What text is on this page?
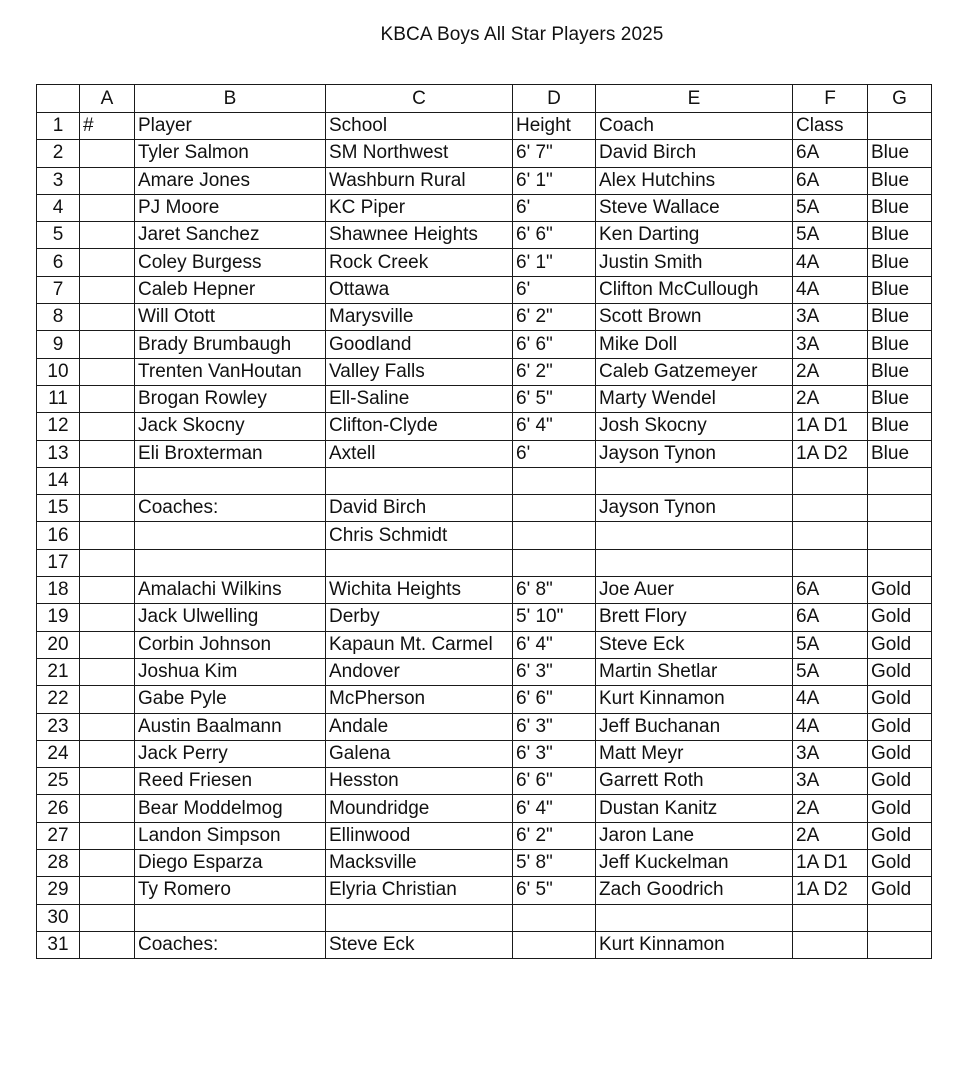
KBCA Boys All Star Players 2025
	A	B	C	D	E	F	G
1	#	Player	School	Height	Coach	Class	
2		Tyler Salmon	SM Northwest	6' 7"	David Birch	6A	Blue
3		Amare Jones	Washburn Rural	6' 1"	Alex Hutchins	6A	Blue
4		PJ Moore	KC Piper	6'	Steve Wallace	5A	Blue
5		Jaret Sanchez	Shawnee Heights	6' 6"	Ken Darting	5A	Blue
6		Coley Burgess	Rock Creek	6' 1"	Justin Smith	4A	Blue
7		Caleb Hepner	Ottawa	6'	Clifton McCullough	4A	Blue
8		Will Otott	Marysville	6' 2"	Scott Brown	3A	Blue
9		Brady Brumbaugh	Goodland	6' 6"	Mike Doll	3A	Blue
10		Trenten VanHoutan	Valley Falls	6' 2"	Caleb Gatzemeyer	2A	Blue
11		Brogan Rowley	Ell-Saline	6' 5"	Marty Wendel	2A	Blue
12		Jack Skocny	Clifton-Clyde	6' 4"	Josh Skocny	1A D1	Blue
13		Eli Broxterman	Axtell	6'	Jayson Tynon	1A D2	Blue
14							
15		Coaches:	David Birch		Jayson Tynon		
16			Chris Schmidt				
17							
18		Amalachi Wilkins	Wichita Heights	6' 8"	Joe Auer	6A	Gold
19		Jack Ulwelling	Derby	5' 10"	Brett Flory	6A	Gold
20		Corbin Johnson	Kapaun Mt. Carmel	6' 4"	Steve Eck	5A	Gold
21		Joshua Kim	Andover	6' 3"	Martin Shetlar	5A	Gold
22		Gabe Pyle	McPherson	6' 6"	Kurt Kinnamon	4A	Gold
23		Austin Baalmann	Andale	6' 3"	Jeff Buchanan	4A	Gold
24		Jack Perry	Galena	6' 3"	Matt Meyr	3A	Gold
25		Reed Friesen	Hesston	6' 6"	Garrett Roth	3A	Gold
26		Bear Moddelmog	Moundridge	6' 4"	Dustan Kanitz	2A	Gold
27		Landon Simpson	Ellinwood	6' 2"	Jaron Lane	2A	Gold
28		Diego Esparza	Macksville	5' 8"	Jeff Kuckelman	1A D1	Gold
29		Ty Romero	Elyria Christian	6' 5"	Zach Goodrich	1A D2	Gold
30							
31		Coaches:	Steve Eck		Kurt Kinnamon		
